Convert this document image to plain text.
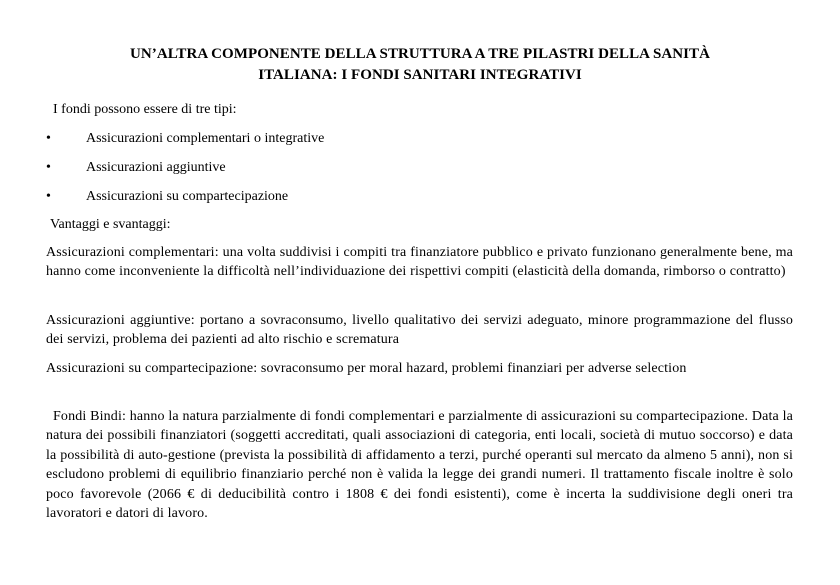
UN’ALTRA COMPONENTE DELLA STRUTTURA A TRE PILASTRI DELLA SANITÀ
ITALIANA: I FONDI SANITARI INTEGRATIVI
I fondi possono essere di tre tipi:
•	Assicurazioni complementari o integrative
•	Assicurazioni aggiuntive
•	Assicurazioni su compartecipazione
Vantaggi e svantaggi:
Assicurazioni complementari: una volta suddivisi i compiti tra finanziatore pubblico e privato funzionano generalmente bene, ma hanno come inconveniente la difficoltà nell’individuazione dei rispettivi compiti (elasticità della domanda, rimborso o contratto)
Assicurazioni aggiuntive: portano a sovraconsumo, livello qualitativo dei servizi adeguato, minore programmazione del flusso dei servizi, problema dei pazienti ad alto rischio e scrematura
Assicurazioni su compartecipazione: sovraconsumo per moral hazard, problemi finanziari per adverse selection
Fondi Bindi: hanno la natura parzialmente di fondi complementari e parzialmente di assicurazioni su compartecipazione. Data la natura dei possibili finanziatori (soggetti accreditati, quali associazioni di categoria, enti locali, società di mutuo soccorso) e data la possibilità di auto-gestione (prevista la possibilità di affidamento a terzi, purché operanti sul mercato da almeno 5 anni), non si escludono problemi di equilibrio finanziario perché non è valida la legge dei grandi numeri. Il trattamento fiscale inoltre è solo poco favorevole (2066 € di deducibilità contro i 1808 € dei fondi esistenti), come è incerta la suddivisione degli oneri tra lavoratori e datori di lavoro.
